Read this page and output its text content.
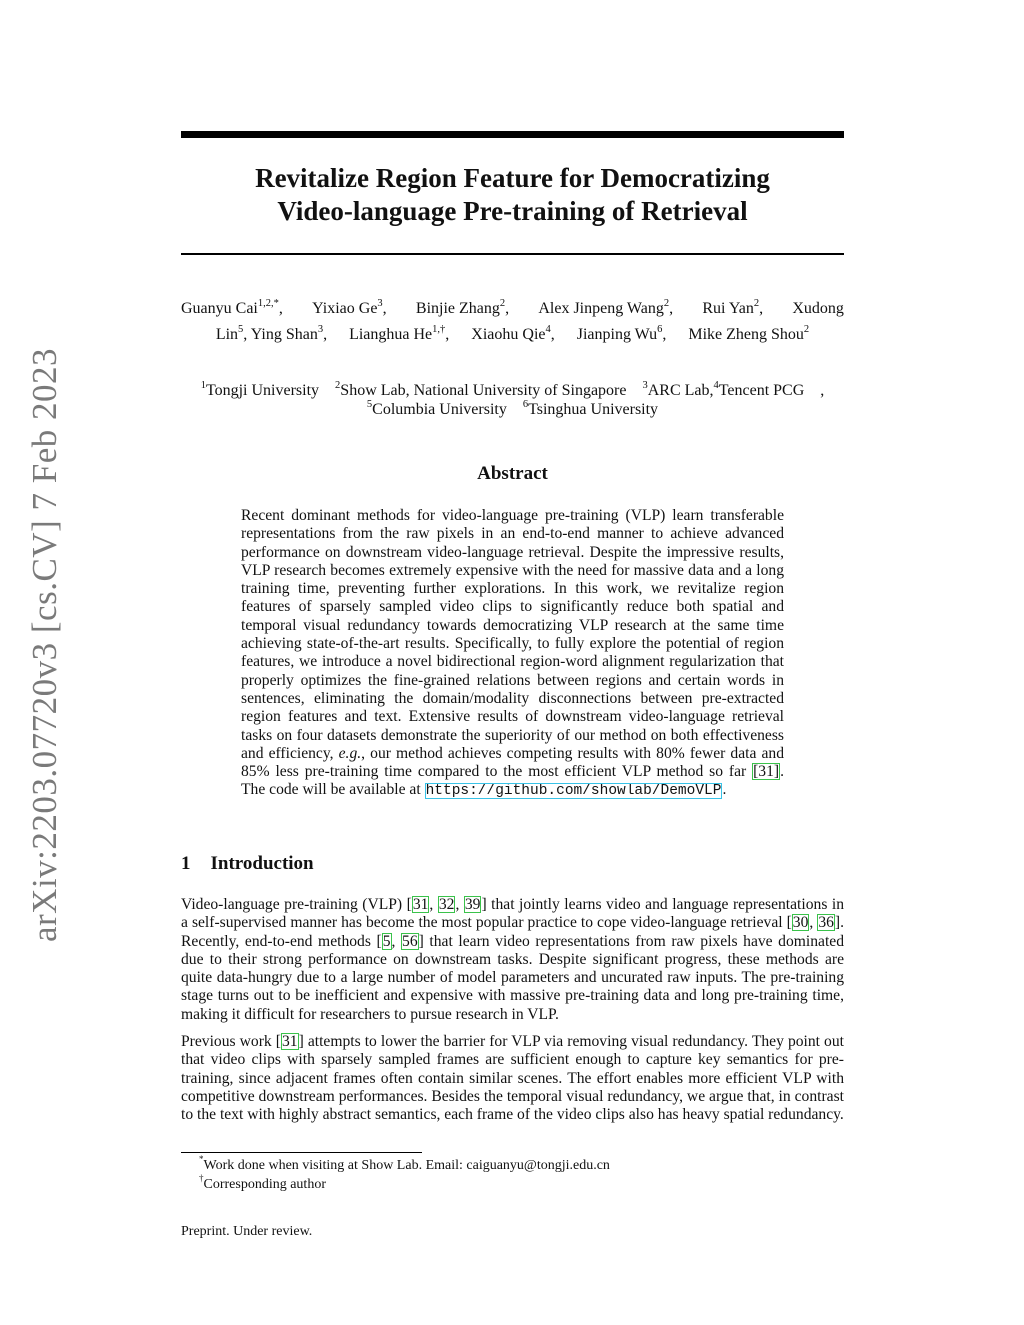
arXiv:2203.07720v3 [cs.CV] 7 Feb 2023
Revitalize Region Feature for Democratizing
Video-language Pre-training of Retrieval
Guanyu Cai$^{1,2,*}$, Yixiao Ge$^3$, Binjie Zhang$^2$, Alex Jinpeng Wang$^2$, Rui Yan$^2$, Xudong
Lin$^5$, Ying Shan$^3$, Lianghua $He^{1,\dagger}$, Xiaohu Qie$^4$, Jianping Wu$^6$, Mike Zheng Shou$^2$
$^1$Tongji University $^2$Show Lab, National University of Singapore $^3$ARC Lab,$^4$Tencent PCG ,
$^5$Columbia University $^6$Tsinghua University
Abstract
Recent dominant methods for video-language pre-training (VLP) learn transferable representations from the raw pixels in an end-to-end manner to achieve advanced performance on downstream video-language retrieval. Despite the impressive results, VLP research becomes extremely expensive with the need for massive data and a long training time, preventing further explorations. In this work, we revitalize region features of sparsely sampled video clips to significantly reduce both spatial and temporal visual redundancy towards democratizing VLP research at the same time achieving state-of-the-art results. Specifically, to fully explore the potential of region features, we introduce a novel bidirectional region-word alignment regularization that properly optimizes the fine-grained relations between regions and certain words in sentences, eliminating the domain/modality disconnections between pre-extracted region features and text. Extensive results of downstream video-language retrieval tasks on four datasets demonstrate the superiority of our method on both effectiveness and efficiency, e.g., our method achieves competing results with 80% fewer data and 85% less pre-training time compared to the most efficient VLP method so far [31]. The code will be available at https://github.com/showlab/DemoVLP.
1 Introduction
Video-language pre-training (VLP) [31, 32, 39] that jointly learns video and language representations in a self-supervised manner has become the most popular practice to cope video-language retrieval [30, 36]. Recently, end-to-end methods [5, 56] that learn video representations from raw pixels have dominated due to their strong performance on downstream tasks. Despite significant progress, these methods are quite data-hungry due to a large number of model parameters and uncurated raw inputs. The pre-training stage turns out to be inefficient and expensive with massive pre-training data and long pre-training time, making it difficult for researchers to pursue research in VLP.
Previous work [31] attempts to lower the barrier for VLP via removing visual redundancy. They point out that video clips with sparsely sampled frames are sufficient enough to capture key semantics for pre-training, since adjacent frames often contain similar scenes. The effort enables more efficient VLP with competitive downstream performances. Besides the temporal visual redundancy, we argue that, in contrast to the text with highly abstract semantics, each frame of the video clips also has heavy spatial redundancy.
*Work done when visiting at Show Lab. Email: caiguanyu@tongji.edu.cn
†Corresponding author
Preprint. Under review.
